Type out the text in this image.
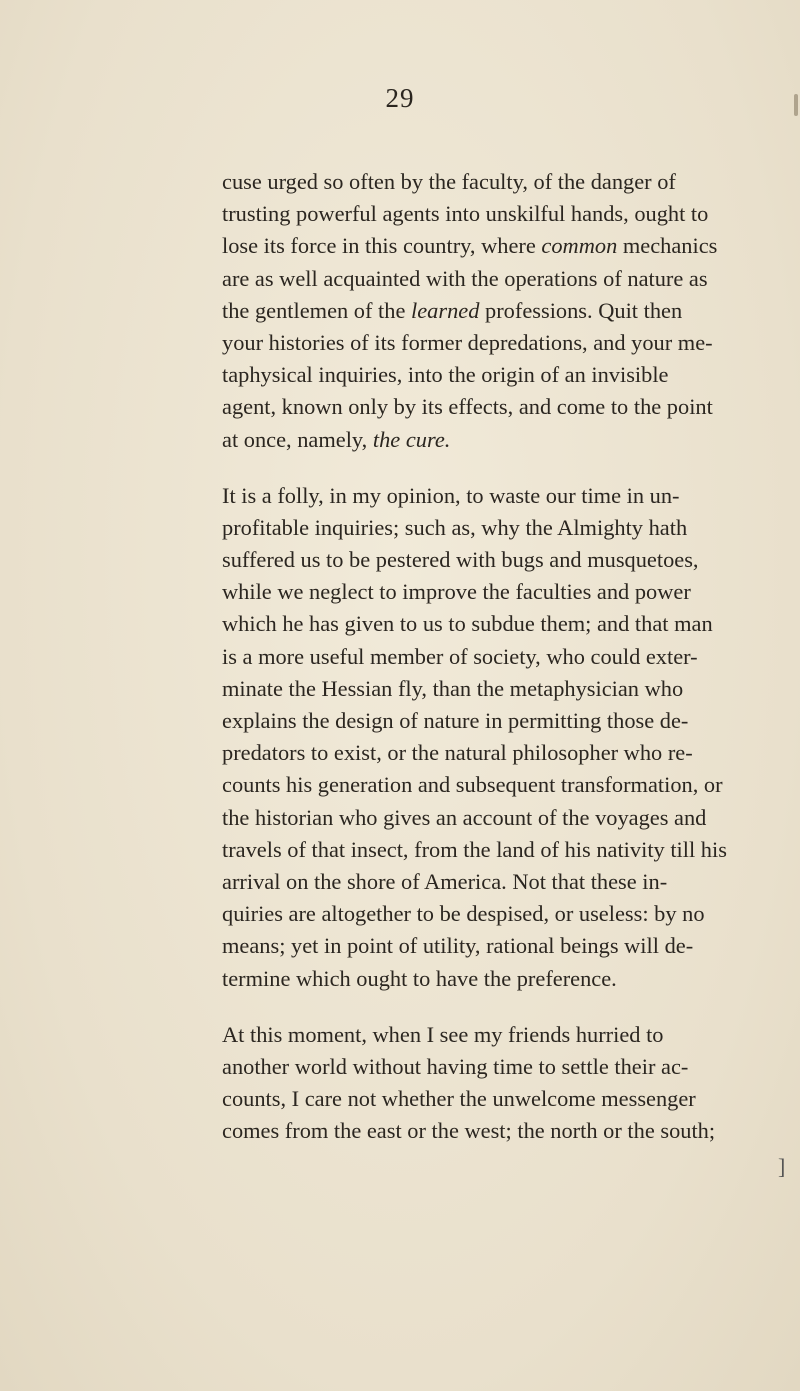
29
cuse urged so often by the faculty, of the danger of
trusting powerful agents into unskilful hands, ought to
lose its force in this country, where common mechanics
are as well acquainted with the operations of nature as
the gentlemen of the learned professions. Quit then
your histories of its former depredations, and your me-
taphysical inquiries, into the origin of an invisible
agent, known only by its effects, and come to the point
at once, namely, the cure.
It is a folly, in my opinion, to waste our time in un-
profitable inquiries; such as, why the Almighty hath
suffered us to be pestered with bugs and musquetoes,
while we neglect to improve the faculties and power
which he has given to us to subdue them; and that man
is a more useful member of society, who could exter-
minate the Hessian fly, than the metaphysician who
explains the design of nature in permitting those de-
predators to exist, or the natural philosopher who re-
counts his generation and subsequent transformation, or
the historian who gives an account of the voyages and
travels of that insect, from the land of his nativity till his
arrival on the shore of America. Not that these in-
quiries are altogether to be despised, or useless: by no
means; yet in point of utility, rational beings will de-
termine which ought to have the preference.
At this moment, when I see my friends hurried to
another world without having time to settle their ac-
counts, I care not whether the unwelcome messenger
comes from the east or the west; the north or the south;
]
